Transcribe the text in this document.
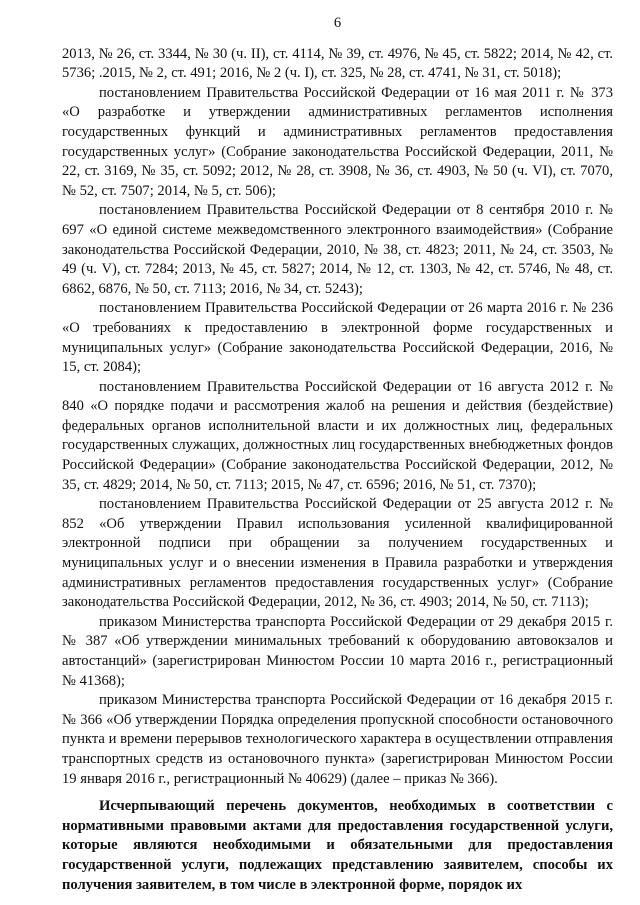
6

2013, № 26, ст. 3344, № 30 (ч. II), ст. 4114, № 39, ст. 4976, № 45, ст. 5822; 2014, № 42, ст. 5736; .2015, № 2, ст. 491; 2016, № 2 (ч. I), ст. 325, № 28, ст. 4741, № 31, ст. 5018);

постановлением Правительства Российской Федерации от 16 мая 2011 г. № 373 «О разработке и утверждении административных регламентов исполнения государственных функций и административных регламентов предоставления государственных услуг» (Собрание законодательства Российской Федерации, 2011, № 22, ст. 3169, № 35, ст. 5092; 2012, № 28, ст. 3908, № 36, ст. 4903, № 50 (ч. VI), ст. 7070, № 52, ст. 7507; 2014, № 5, ст. 506);

постановлением Правительства Российской Федерации от 8 сентября 2010 г. № 697 «О единой системе межведомственного электронного взаимодействия» (Собрание законодательства Российской Федерации, 2010, № 38, ст. 4823; 2011, № 24, ст. 3503, № 49 (ч. V), ст. 7284; 2013, № 45, ст. 5827; 2014, № 12, ст. 1303, № 42, ст. 5746, № 48, ст. 6862, 6876, № 50, ст. 7113; 2016, № 34, ст. 5243);

постановлением Правительства Российской Федерации от 26 марта 2016 г. № 236 «О требованиях к предоставлению в электронной форме государственных и муниципальных услуг» (Собрание законодательства Российской Федерации, 2016, № 15, ст. 2084);

постановлением Правительства Российской Федерации от 16 августа 2012 г. № 840 «О порядке подачи и рассмотрения жалоб на решения и действия (бездействие) федеральных органов исполнительной власти и их должностных лиц, федеральных государственных служащих, должностных лиц государственных внебюджетных фондов Российской Федерации» (Собрание законодательства Российской Федерации, 2012, № 35, ст. 4829; 2014, № 50, ст. 7113; 2015, № 47, ст. 6596; 2016, № 51, ст. 7370);

постановлением Правительства Российской Федерации от 25 августа 2012 г. № 852 «Об утверждении Правил использования усиленной квалифицированной электронной подписи при обращении за получением государственных и муниципальных услуг и о внесении изменения в Правила разработки и утверждения административных регламентов предоставления государственных услуг» (Собрание законодательства Российской Федерации, 2012, № 36, ст. 4903; 2014, № 50, ст. 7113);

приказом Министерства транспорта Российской Федерации от 29 декабря 2015 г. № 387 «Об утверждении минимальных требований к оборудованию автовокзалов и автостанций» (зарегистрирован Минюстом России 10 марта 2016 г., регистрационный № 41368);

приказом Министерства транспорта Российской Федерации от 16 декабря 2015 г. № 366 «Об утверждении Порядка определения пропускной способности остановочного пункта и времени перерывов технологического характера в осуществлении отправления транспортных средств из остановочного пункта» (зарегистрирован Минюстом России 19 января 2016 г., регистрационный № 40629) (далее – приказ № 366).

Исчерпывающий перечень документов, необходимых в соответствии с нормативными правовыми актами для предоставления государственной услуги, которые являются необходимыми и обязательными для предоставления государственной услуги, подлежащих представлению заявителем, способы их получения заявителем, в том числе в электронной форме, порядок их
